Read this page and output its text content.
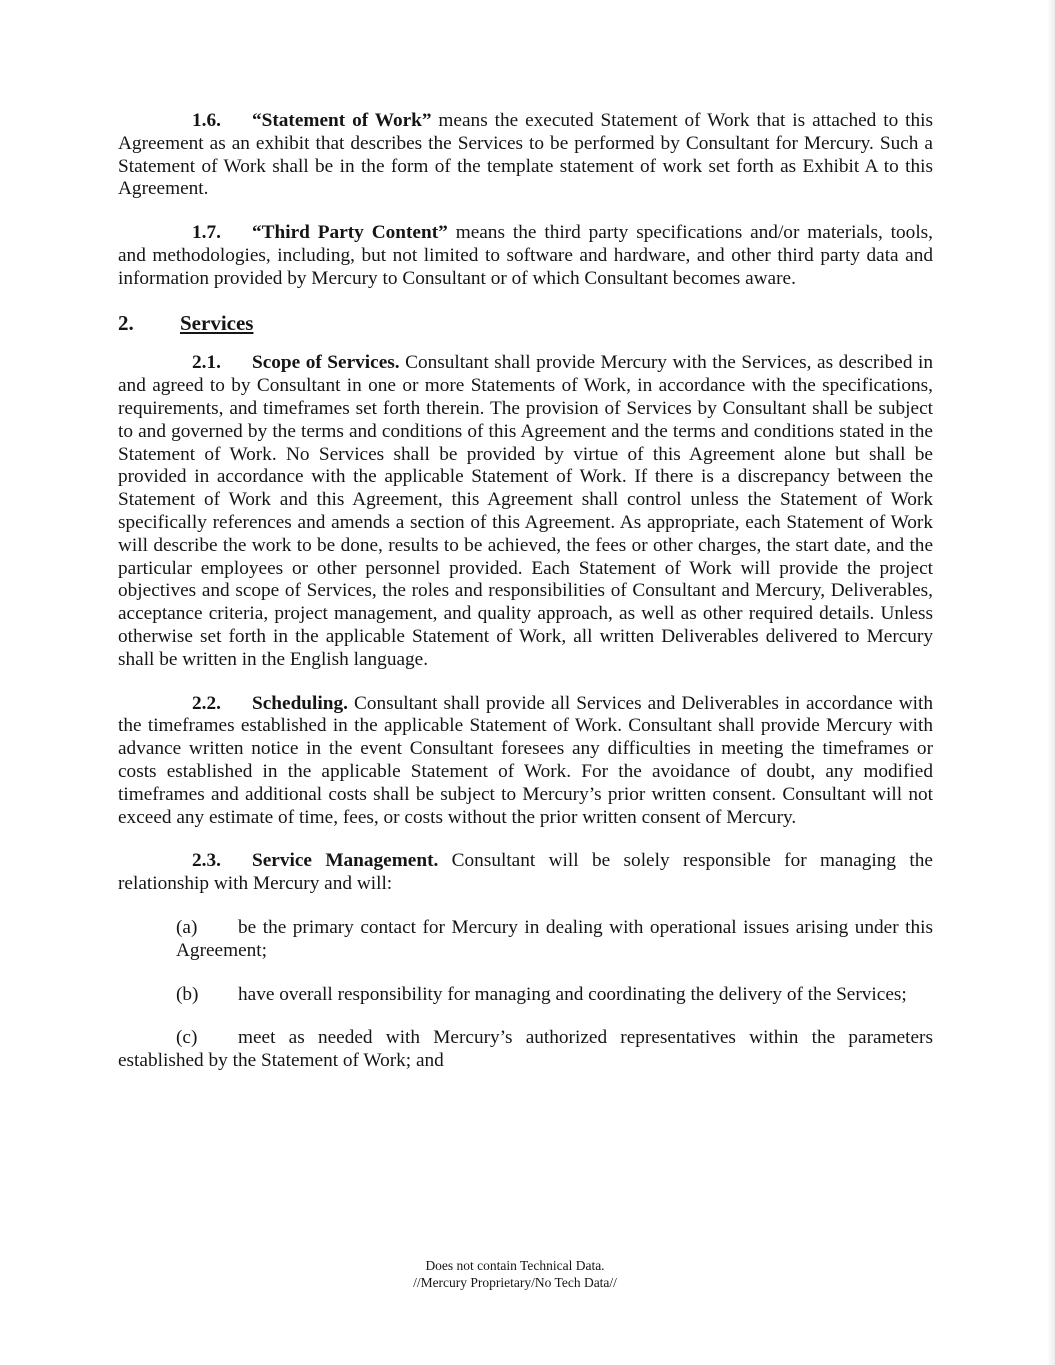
1.6. “Statement of Work” means the executed Statement of Work that is attached to this Agreement as an exhibit that describes the Services to be performed by Consultant for Mercury. Such a Statement of Work shall be in the form of the template statement of work set forth as Exhibit A to this Agreement.

1.7. “Third Party Content” means the third party specifications and/or materials, tools, and methodologies, including, but not limited to software and hardware, and other third party data and information provided by Mercury to Consultant or of which Consultant becomes aware.

2. Services

2.1. Scope of Services. Consultant shall provide Mercury with the Services, as described in and agreed to by Consultant in one or more Statements of Work, in accordance with the specifications, requirements, and timeframes set forth therein. The provision of Services by Consultant shall be subject to and governed by the terms and conditions of this Agreement and the terms and conditions stated in the Statement of Work. No Services shall be provided by virtue of this Agreement alone but shall be provided in accordance with the applicable Statement of Work. If there is a discrepancy between the Statement of Work and this Agreement, this Agreement shall control unless the Statement of Work specifically references and amends a section of this Agreement. As appropriate, each Statement of Work will describe the work to be done, results to be achieved, the fees or other charges, the start date, and the particular employees or other personnel provided. Each Statement of Work will provide the project objectives and scope of Services, the roles and responsibilities of Consultant and Mercury, Deliverables, acceptance criteria, project management, and quality approach, as well as other required details. Unless otherwise set forth in the applicable Statement of Work, all written Deliverables delivered to Mercury shall be written in the English language.

2.2. Scheduling. Consultant shall provide all Services and Deliverables in accordance with the timeframes established in the applicable Statement of Work. Consultant shall provide Mercury with advance written notice in the event Consultant foresees any difficulties in meeting the timeframes or costs established in the applicable Statement of Work. For the avoidance of doubt, any modified timeframes and additional costs shall be subject to Mercury’s prior written consent. Consultant will not exceed any estimate of time, fees, or costs without the prior written consent of Mercury.

2.3. Service Management. Consultant will be solely responsible for managing the relationship with Mercury and will:

(a) be the primary contact for Mercury in dealing with operational issues arising under this Agreement;

(b) have overall responsibility for managing and coordinating the delivery of the Services;

(c) meet as needed with Mercury’s authorized representatives within the parameters established by the Statement of Work; and

Does not contain Technical Data.
//Mercury Proprietary/No Tech Data//
